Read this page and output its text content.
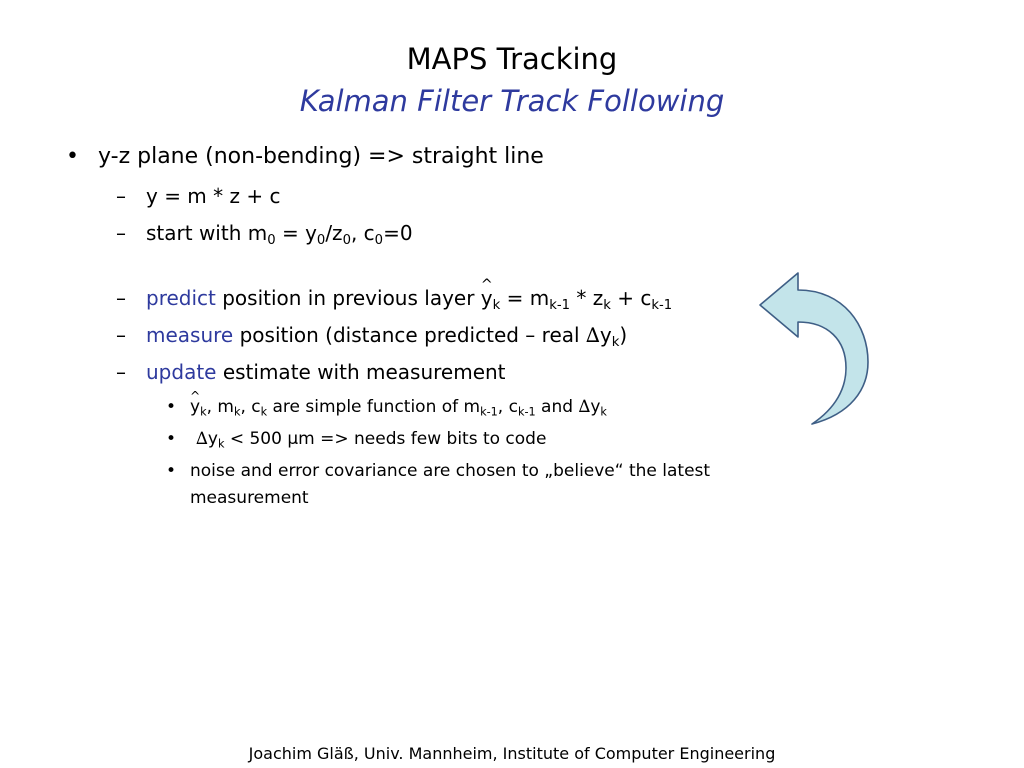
MAPS Tracking
Kalman Filter Track Following
• y-z plane (non-bending) => straight line
– y = m * z + c
– start with $m_0 = y_0/z_0$, $c_0=0$
– predict position in previous layer ^ $y_k = m_{k-1} * z_k + c_{k-1}$
– measure position (distance predicted – real $\Delta y_k$)
– update estimate with measurement
•
^ $y_k$, $m_k$, $c_k$ are simple function of $m_{k-1}$, $c_{k-1}$ and $\Delta y_k$
• $\Delta y_k < 500$ µm => needs few bits to code
• noise and error covariance are chosen to „believe“ the latest
measurement
Joachim Gläß, Univ. Mannheim, Institute of Computer Engineering
